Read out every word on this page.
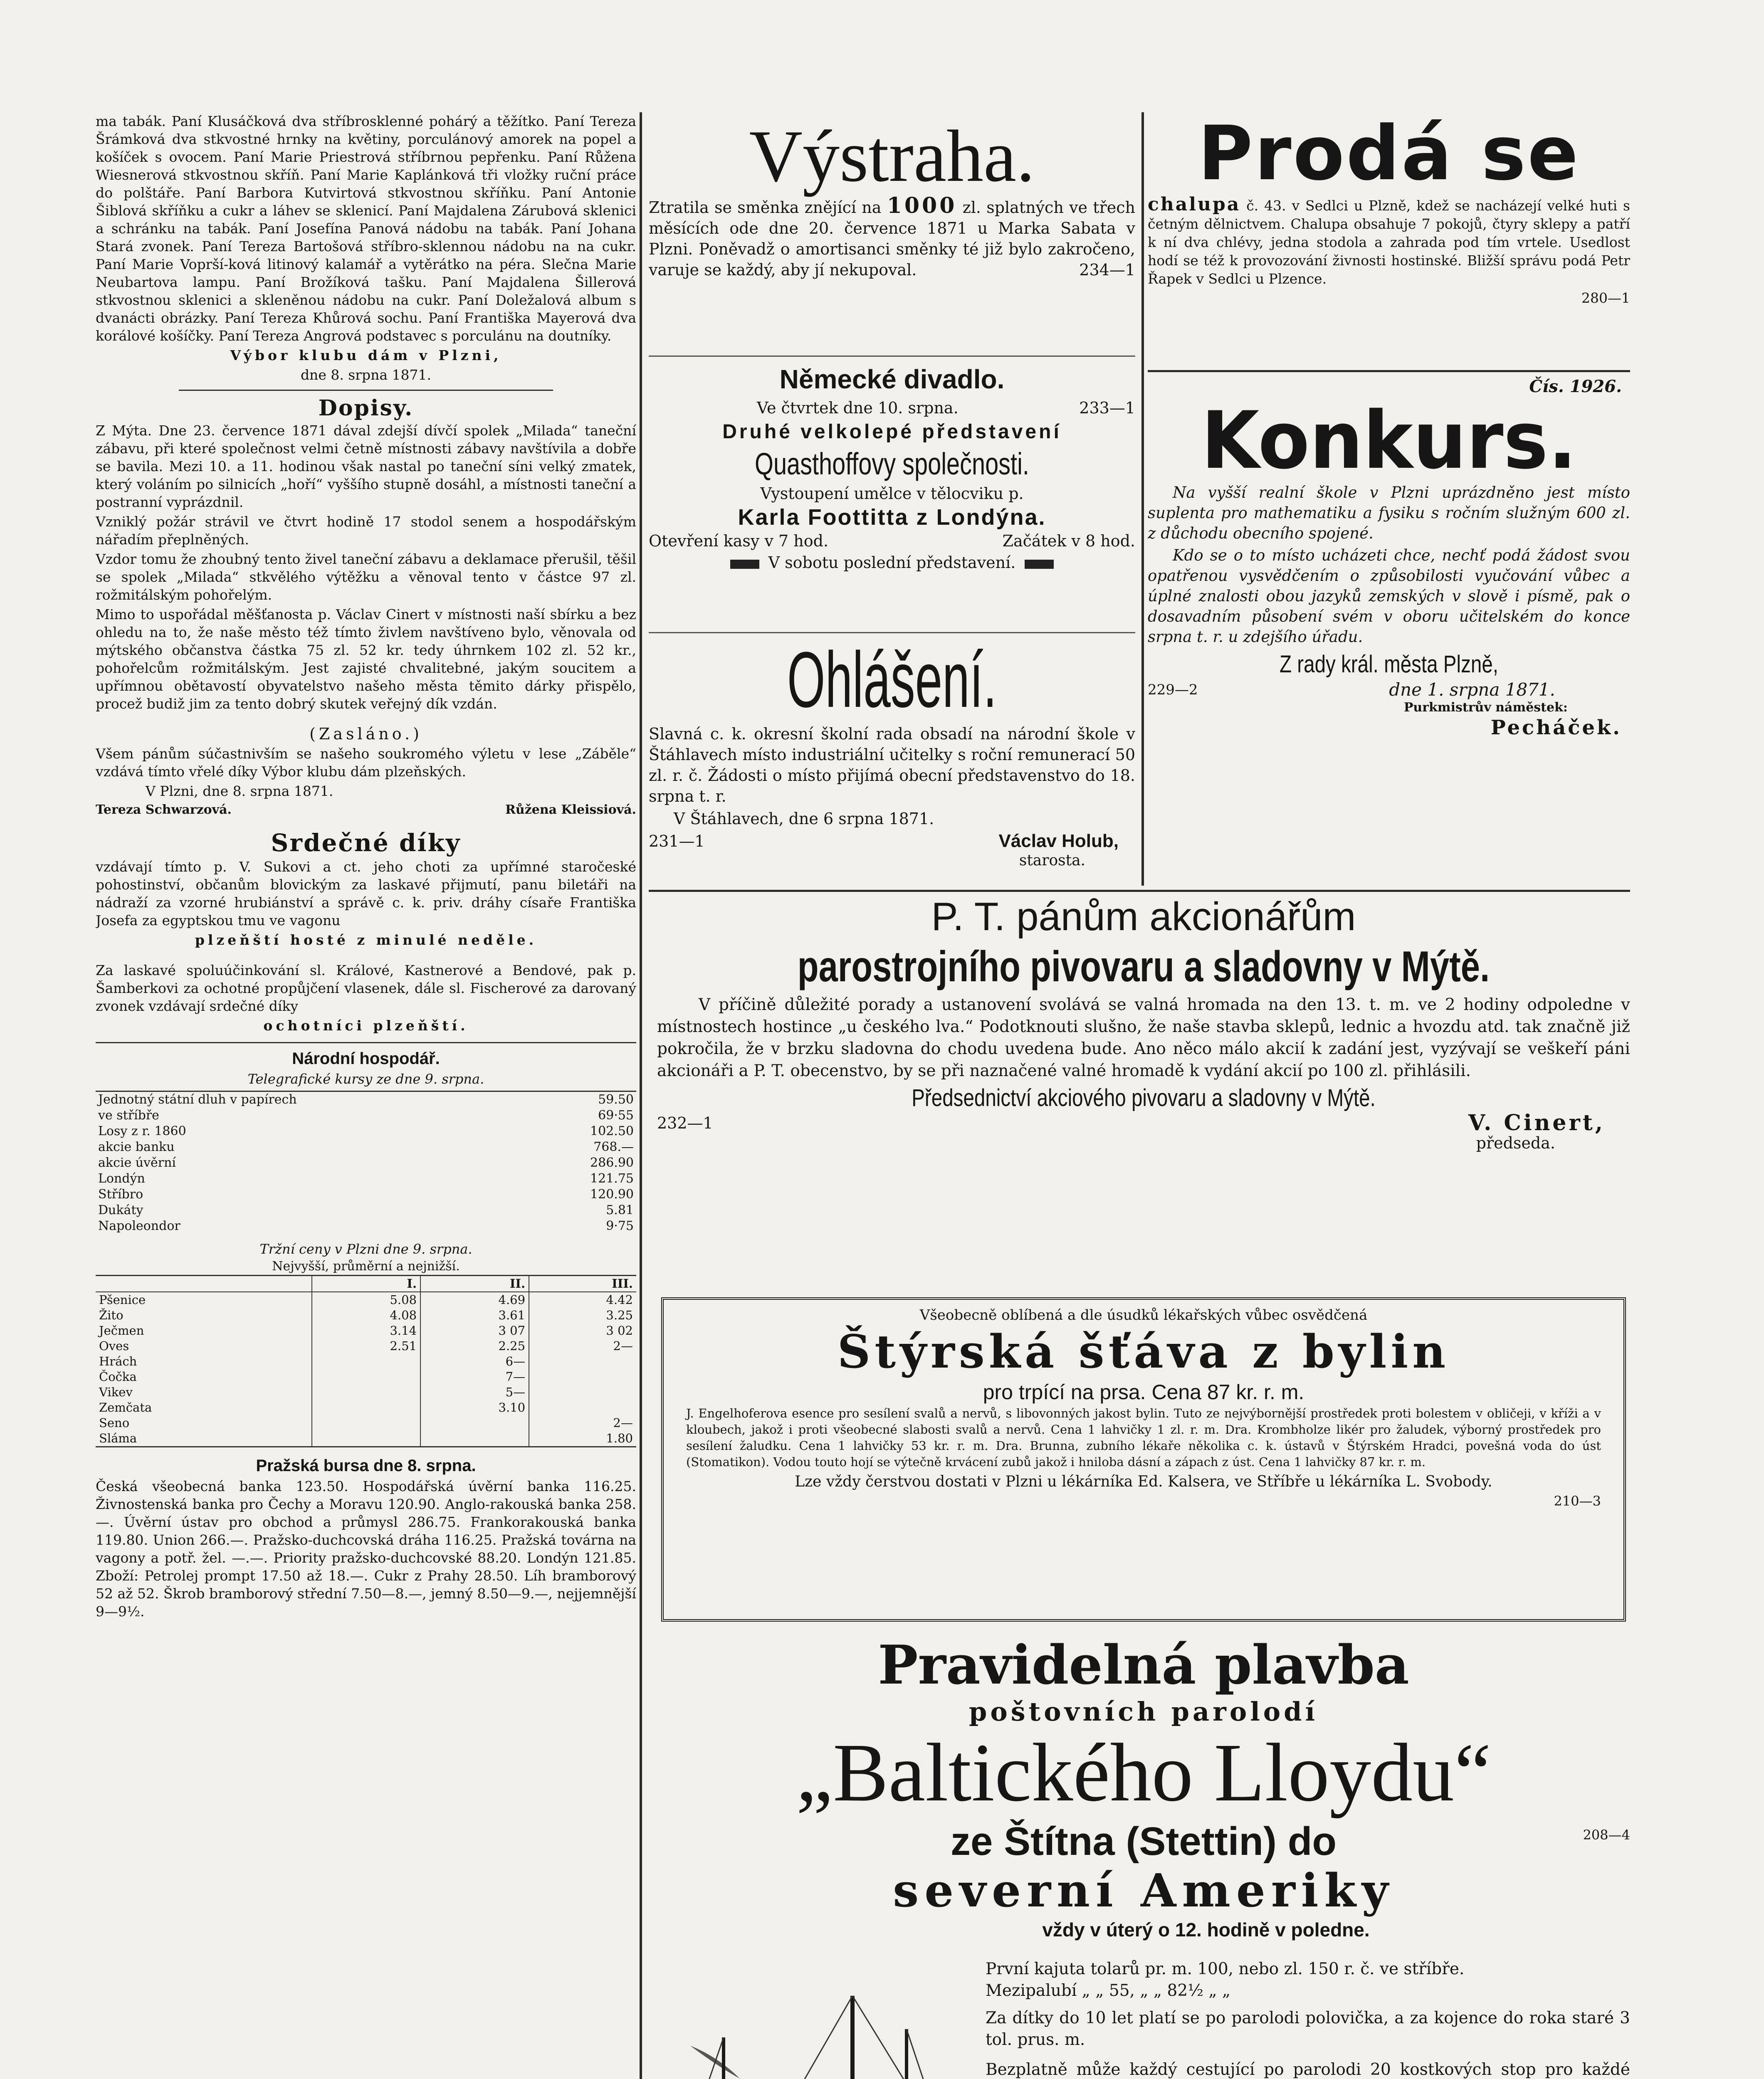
ma tabák. Paní Klusáčková dva stříbrosklenné pohárý a těžítko. Paní Tereza Šrámková dva stkvostné hrnky na květiny, porculánový amorek na popel a košíček s ovocem. Paní Marie Priestrová stříbrnou pepřenku. Paní Růžena Wiesnerová stkvostnou skříň. Paní Marie Kaplánková tři vložky ruční práce do polštáře. Paní Barbora Kutvirtová stkvostnou skříňku. Paní Antonie Šiblová skříňku a cukr a láhev se sklenicí. Paní Majdalena Zárubová sklenici a schránku na tabák. Paní Josefína Panová nádobu na tabák. Paní Johana Stará zvonek. Paní Tereza Bartošová stříbro-sklennou nádobu na na cukr. Paní Marie Voprší-ková litinový kalamář a vytěrátko na péra. Slečna Marie Neubartova lampu. Paní Brožíková tašku. Paní Majdalena Šillerová stkvostnou sklenici a skleněnou nádobu na cukr. Paní Doležalová album s dvanácti obrázky. Paní Tereza Khůrová sochu. Paní Františka Mayerová dva korálové košíčky. Paní Tereza Angrová podstavec s porculánu na doutníky.

Výbor klubu dám v Plzni,

dne 8. srpna 1871.

Dopisy.

Z Mýta. Dne 23. července 1871 dával zdejší dívčí spolek „Milada“ taneční zábavu, při které společnost velmi četně místnosti zábavy navštívila a dobře se bavila. Mezi 10. a 11. hodinou však nastal po taneční síni velký zmatek, který voláním po silnicích „hoří“ vyššího stupně dosáhl, a místnosti taneční a postranní vyprázdnil.

Vzniklý požár strávil ve čtvrt hodině 17 stodol senem a hospodářským nářadím přeplněných.

Vzdor tomu že zhoubný tento živel taneční zábavu a deklamace přerušil, těšil se spolek „Milada“ stkvělého výtěžku a věnoval tento v částce 97 zl. rožmitálským pohořelým.

Mimo to uspořádal měšťanosta p. Václav Cinert v místnosti naší sbírku a bez ohledu na to, že naše město též tímto živlem navštíveno bylo, věnovala od mýtského občanstva částka 75 zl. 52 kr. tedy úhrnkem 102 zl. 52 kr., pohořelcům rožmitálským. Jest zajisté chvalitebné, jakým soucitem a upřímnou obětavostí obyvatelstvo našeho města těmito dárky přispělo, procež budiž jim za tento dobrý skutek veřejný dík vzdán.

(Zasláno.)

Všem pánům súčastnivším se našeho soukromého výletu v lese „Záběle“ vzdává tímto vřelé díky Výbor klubu dám plzeňských.

V Plzni, dne 8. srpna 1871.

Tereza Schwarzová.	Růžena Kleissiová.

Srdečné díky

vzdávají tímto p. V. Sukovi a ct. jeho choti za upřímné staročeské pohostinství, občanům blovickým za laskavé přijmutí, panu biletáři na nádraží za vzorné hrubiánství a správě c. k. priv. dráhy císaře Františka Josefa za egyptskou tmu ve vagonu

plzeňští hosté z minulé neděle.

Za laskavé spoluúčinkování sl. Králové, Kastnerové a Bendové, pak p. Šamberkovi za ochotné propůjčení vlasenek, dále sl. Fischerové za darovaný zvonek vzdávají srdečné díky

ochotníci plzeňští.

Národní hospodář.

Telegrafické kursy ze dne 9. srpna.

Jednotný státní dluh v papírech	59.50
ve stříbře	69·55
Losy z r. 1860	102.50
akcie banku	768.—
akcie úvěrní	286.90
Londýn	121.75
Stříbro	120.90
Dukáty	5.81
Napoleondor	9·75

Tržní ceny v Plzni dne 9. srpna.

Nejvyšší, průměrní a nejnižší.

	I.	II.	III.
Pšenice	5.08	4.69	4.42
Žito	4.08	3.61	3.25
Ječmen	3.14	3 07	3 02
Oves	2.51	2.25	2—
Hrách		6—	
Čočka		7—	
Vikev		5—	
Zemčata		3.10	
Seno			2—
Sláma			1.80

Pražská bursa dne 8. srpna.

Česká všeobecná banka 123.50. Hospodářská úvěrní banka 116.25. Živnostenská banka pro Čechy a Moravu 120.90. Anglo-rakouská banka 258.—. Úvěrní ústav pro obchod a průmysl 286.75. Frankorakouská banka 119.80. Union 266.—. Pražsko-duchcovská dráha 116.25. Pražská továrna na vagony a potř. žel. —.—. Priority pražsko-duchcovské 88.20. Londýn 121.85. Zboží: Petrolej prompt 17.50 až 18.—. Cukr z Prahy 28.50. Líh bramborový 52 až 52. Škrob bramborový střední 7.50—8.—, jemný 8.50—9.—, nejjemnější 9—9½.

Výstraha.

Ztratila se směnka znějící na 1000 zl. splatných ve třech měsících ode dne 20. července 1871 u Marka Sabata v Plzni. Poněvadž o amortisanci směnky té již bylo zakročeno, varuje se každý, aby jí nekupoval.	234—1

Německé divadlo.

Ve čtvrtek dne 10. srpna.	233—1

Druhé velkolepé představení

Quasthoffovy společnosti.

Vystoupení umělce v tělocviku p.

Karla Foottitta z Londýna.

Otevření kasy v 7 hod.	Začátek v 8 hod.

V sobotu poslední představení.

Ohlášení.

Slavná c. k. okresní školní rada obsadí na národní škole v Štáhlavech místo industriální učitelky s roční remunerací 50 zl. r. č. Žádosti o místo přijímá obecní představenstvo do 18. srpna t. r.

V Štáhlavech, dne 6 srpna 1871.

231—1	Václav Holub,

starosta.

Prodá se

chalupa č. 43. v Sedlci u Plzně, kdež se nacházejí velké huti s četným dělnictvem. Chalupa obsahuje 7 pokojů, čtyry sklepy a patří k ní dva chlévy, jedna stodola a zahrada pod tím vrtele. Usedlost hodí se též k provozování živnosti hostinské. Bližší správu podá Petr Řapek v Sedlci u Plzence.

280—1

Čís. 1926.

Konkurs.

Na vyšší realní škole v Plzni uprázdněno jest místo suplenta pro mathematiku a fysiku s ročním služným 600 zl. z důchodu obecního spojené.

Kdo se o to místo ucházeti chce, nechť podá žádost svou opatřenou vysvědčením o způsobilosti vyučování vůbec a úplné znalosti obou jazyků zemských v slově i písmě, pak o dosavadním působení svém v oboru učitelském do konce srpna t. r. u zdejšího úřadu.

Z rady král. města Plzně,

229—2	dne 1. srpna 1871.

Purkmistrův náměstek:

Pecháček.

P. T. pánům akcionářům

parostrojního pivovaru a sladovny v Mýtě.

V příčině důležité porady a ustanovení svolává se valná hromada na den 13. t. m. ve 2 hodiny odpoledne v místnostech hostince „u českého lva.“ Podotknouti slušno, že naše stavba sklepů, lednic a hvozdu atd. tak značně již pokročila, že v brzku sladovna do chodu uvedena bude. Ano něco málo akcií k zadání jest, vyzývají se veškeří páni akcionáři a P. T. obecenstvo, by se při naznačené valné hromadě k vydání akcií po 100 zl. přihlásili.

Předsednictví akciového pivovaru a sladovny v Mýtě.

232—1	V. Cinert,

předseda.

Všeobecně oblíbená a dle úsudků lékařských vůbec osvědčená

Štýrská šťáva z bylin

pro trpící na prsa. Cena 87 kr. r. m.

J. Engelhoferova esence pro sesílení svalů a nervů, s libovonných jakost bylin. Tuto ze nejvýbornější prostředek proti bolestem v obličeji, v kříži a v kloubech, jakož i proti všeobecné slabosti svalů a nervů. Cena 1 lahvičky 1 zl. r. m. Dra. Krombholze likér pro žaludek, výborný prostředek pro sesílení žaludku. Cena 1 lahvičky 53 kr. r. m. Dra. Brunna, zubního lékaře několika c. k. ústavů v Štýrském Hradci, povešná voda do úst (Stomatikon). Vodou touto hojí se výtečně krvácení zubů jakož i hniloba dásní a zápach z úst. Cena 1 lahvičky 87 kr. r. m.

Lze vždy čerstvou dostati v Plzni u lékárníka Ed. Kalsera, ve Stříbře u lékárníka L. Svobody.

210—3

Pravidelná plavba

poštovních parolodí

„Baltického Lloydu“

ze Štítna (Stettin) do	208—4

severní Ameriky

vždy v úterý o 12. hodině v poledne.

První kajuta tolarů pr. m. 100, nebo zl. 150 r. č. ve stříbře.

Mezipalubí „ „ 55, „ „ 82½ „ „

Za dítky do 10 let platí se po parolodi polovička, a za kojence do roka staré 3 tol. prus. m.

Bezplatně může každý cestující po parolodi 20 kostkových stop pro každé
